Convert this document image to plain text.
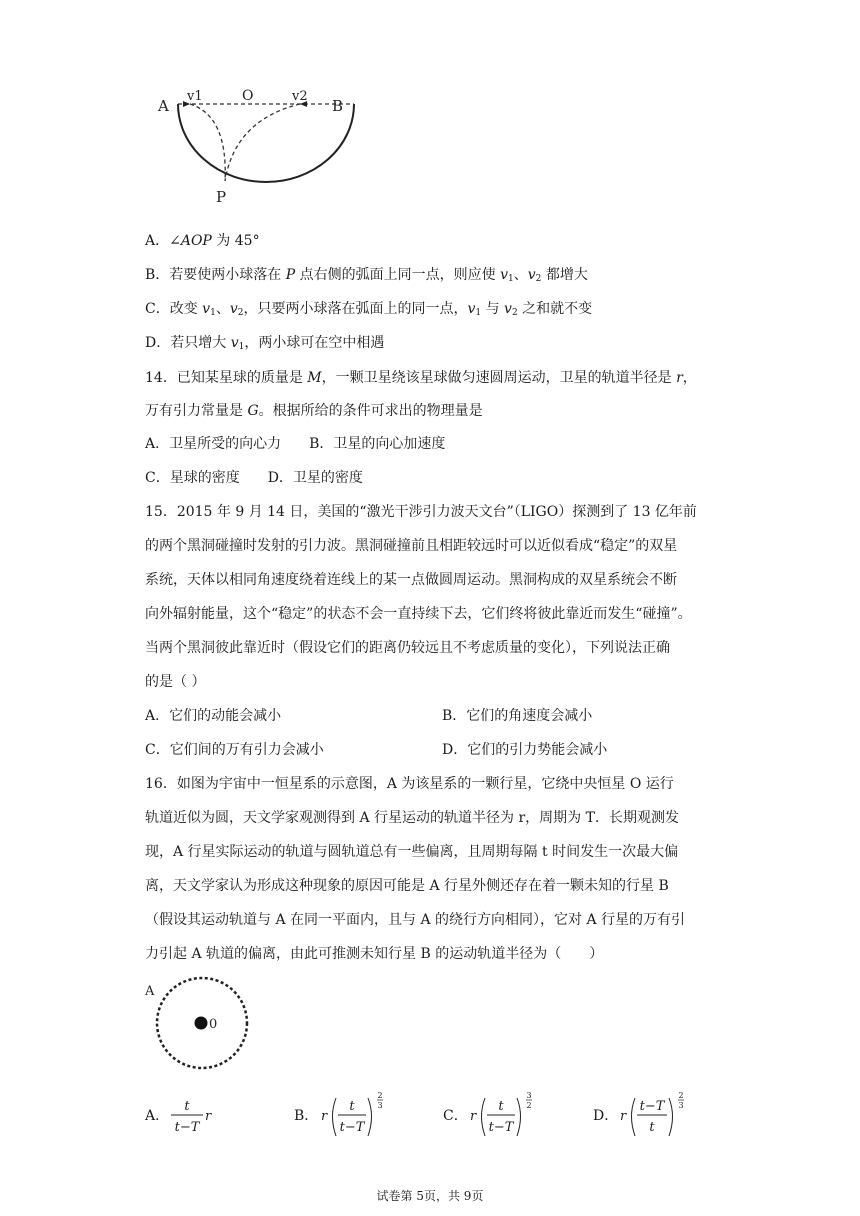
A
v1	O	v2
B
P
A．∠AOP 为 45°
B．若要使两小球落在 P 点右侧的弧面上同一点，则应使 $v_1$、$v_2$ 都增大
C．改变 $v_1$、$v_2$，只要两小球落在弧面上的同一点，$v_1$ 与 $v_2$ 之和就不变
D．若只增大 $v_1$，两小球可在空中相遇
14．已知某星球的质量是 M，一颗卫星绕该星球做匀速圆周运动，卫星的轨道半径是 r，
万有引力常量是 G。根据所给的条件可求出的物理量是
A．卫星所受的向心力　　B．卫星的向心加速度
C．星球的密度　　D．卫星的密度
15．2015 年 9 月 14 日，美国的“激光干涉引力波天文台”（LIGO）探测到了 13 亿年前
的两个黑洞碰撞时发射的引力波。黑洞碰撞前且相距较远时可以近似看成“稳定”的双星
系统，天体以相同角速度绕着连线上的某一点做圆周运动。黑洞构成的双星系统会不断
向外辐射能量，这个“稳定”的状态不会一直持续下去，它们终将彼此靠近而发生“碰撞”。
当两个黑洞彼此靠近时（假设它们的距离仍较远且不考虑质量的变化），下列说法正确
的是（ ）
A．它们的动能会减小	B．它们的角速度会减小
C．它们间的万有引力会减小	D．它们的引力势能会减小
16．如图为宇宙中一恒星系的示意图，A 为该星系的一颗行星，它绕中央恒星 O 运行
轨道近似为圆，天文学家观测得到 A 行星运动的轨道半径为 r，周期为 T．长期观测发
现，A 行星实际运动的轨道与圆轨道总有一些偏离，且周期每隔 t 时间发生一次最大偏
离，天文学家认为形成这种现象的原因可能是 A 行星外侧还存在着一颗未知的行星 B
（假设其运动轨道与 A 在同一平面内，且与 A 的绕行方向相同），它对 A 行星的万有引
力引起 A 轨道的偏离，由此可推测未知行星 B 的运动轨道半径为（　　）
A
0
A．
t
t−T
r	B． r
t
t−T
2
3
C． r
t
t−T
3
2
D． r
t−T
t
2
3
试卷第 5页，共 9页
